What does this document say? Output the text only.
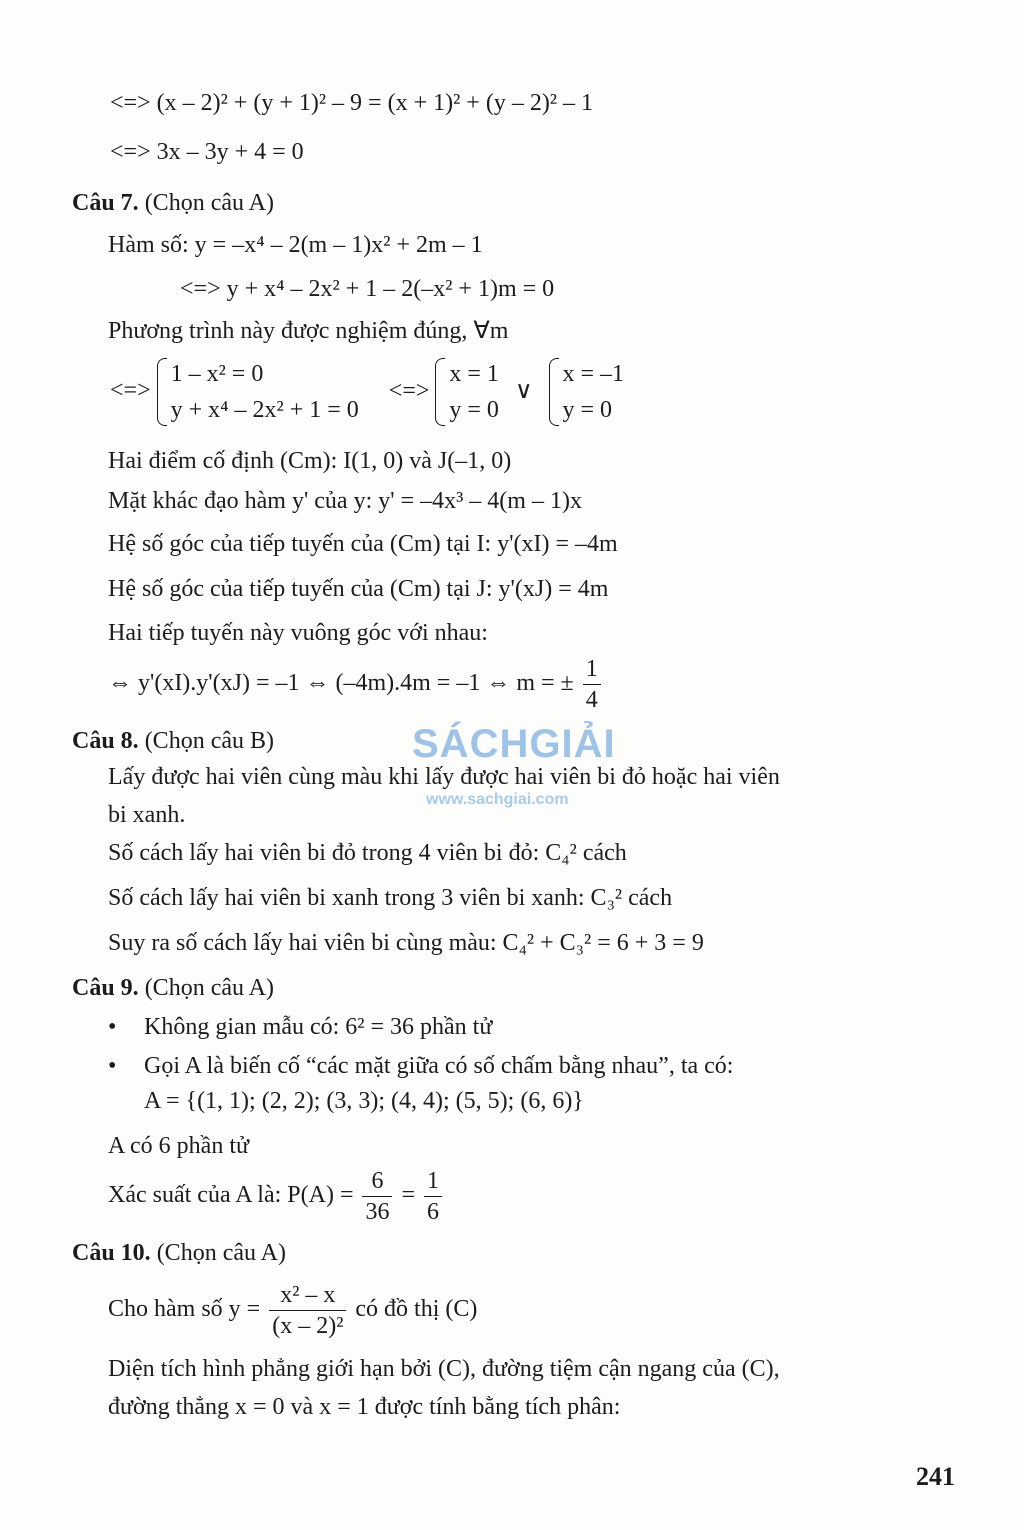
<=> (x – 2)² + (y + 1)² – 9 = (x + 1)² + (y – 2)² – 1
<=> 3x – 3y + 4 = 0
Câu 7. (Chọn câu A)
Hàm số: y = –x⁴ – 2(m – 1)x² + 2m – 1
<=> y + x⁴ – 2x² + 1 – 2(–x² + 1)m = 0
Phương trình này được nghiệm đúng, ∀m
<=>
1 – x² = 0
y + x⁴ – 2x² + 1 = 0
<=>
x = 1
y = 0
∨
x = –1
y = 0
Hai điểm cố định (Cm): I(1, 0) và J(–1, 0)
Mặt khác đạo hàm y' của y: y' = –4x³ – 4(m – 1)x
Hệ số góc của tiếp tuyến của (Cm) tại I: y'(xI) = –4m
Hệ số góc của tiếp tuyến của (Cm) tại J: y'(xJ) = 4m
Hai tiếp tuyến này vuông góc với nhau:
⇔ y'(xI).y'(xJ) = –1 ⇔ (–4m).4m = –1 ⇔ m = ± $\frac{1}{4}$
Câu 8. (Chọn câu B)
Lấy được hai viên cùng màu khi lấy được hai viên bi đỏ hoặc hai viên
bi xanh.
Số cách lấy hai viên bi đỏ trong 4 viên bi đỏ: C₄² cách
Số cách lấy hai viên bi xanh trong 3 viên bi xanh: C₃² cách
Suy ra số cách lấy hai viên bi cùng màu: C₄² + C₃² = 6 + 3 = 9
Câu 9. (Chọn câu A)
• Không gian mẫu có: 6² = 36 phần tử
• Gọi A là biến cố “các mặt giữa có số chấm bằng nhau”, ta có:
A = {(1, 1); (2, 2); (3, 3); (4, 4); (5, 5); (6, 6)}
A có 6 phần tử
Xác suất của A là: $P(A) = \frac{6}{36} = \frac{1}{6}$
Câu 10. (Chọn câu A)
Cho hàm số $y = \frac{\text{x² – x}}{\text{(x – 2)²}}$ có đồ thị (C)
Diện tích hình phẳng giới hạn bởi (C), đường tiệm cận ngang của (C),
đường thẳng x = 0 và x = 1 được tính bằng tích phân:
SÁCHGIẢI
www.sachgiai.com
241
